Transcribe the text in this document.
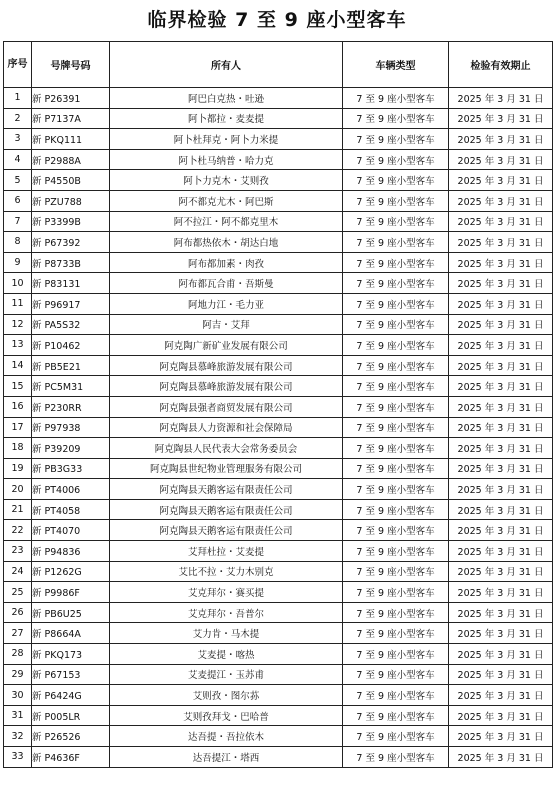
临界检验 7 至 9 座小型客车
序号	号牌号码	所有人	车辆类型	检验有效期止
1	新 P26391	阿巴白克热・吐逊	7 至 9 座小型客车	2025 年 3 月 31 日
2	新 P7137A	阿卜都拉・麦麦提	7 至 9 座小型客车	2025 年 3 月 31 日
3	新 PKQ111	阿卜杜拜克・阿卜力米提	7 至 9 座小型客车	2025 年 3 月 31 日
4	新 P2988A	阿卜杜马纳普・哈力克	7 至 9 座小型客车	2025 年 3 月 31 日
5	新 P4550B	阿卜力克木・艾则孜	7 至 9 座小型客车	2025 年 3 月 31 日
6	新 PZU788	阿不都克尤木・阿巴斯	7 至 9 座小型客车	2025 年 3 月 31 日
7	新 P3399B	阿不拉江・阿不都克里木	7 至 9 座小型客车	2025 年 3 月 31 日
8	新 P67392	阿布都热依木・胡达白地	7 至 9 座小型客车	2025 年 3 月 31 日
9	新 P8733B	阿布都加素・肉孜	7 至 9 座小型客车	2025 年 3 月 31 日
10	新 P83131	阿布都瓦合甫・吾斯曼	7 至 9 座小型客车	2025 年 3 月 31 日
11	新 P96917	阿地力江・毛力亚	7 至 9 座小型客车	2025 年 3 月 31 日
12	新 PA5S32	阿吉・艾拜	7 至 9 座小型客车	2025 年 3 月 31 日
13	新 P10462	阿克陶广新矿业发展有限公司	7 至 9 座小型客车	2025 年 3 月 31 日
14	新 PB5E21	阿克陶县慕峰旅游发展有限公司	7 至 9 座小型客车	2025 年 3 月 31 日
15	新 PC5M31	阿克陶县慕峰旅游发展有限公司	7 至 9 座小型客车	2025 年 3 月 31 日
16	新 P230RR	阿克陶县强者商贸发展有限公司	7 至 9 座小型客车	2025 年 3 月 31 日
17	新 P97938	阿克陶县人力资源和社会保障局	7 至 9 座小型客车	2025 年 3 月 31 日
18	新 P39209	阿克陶县人民代表大会常务委员会	7 至 9 座小型客车	2025 年 3 月 31 日
19	新 PB3G33	阿克陶县世纪物业管理服务有限公司	7 至 9 座小型客车	2025 年 3 月 31 日
20	新 PT4006	阿克陶县天鹅客运有限责任公司	7 至 9 座小型客车	2025 年 3 月 31 日
21	新 PT4058	阿克陶县天鹅客运有限责任公司	7 至 9 座小型客车	2025 年 3 月 31 日
22	新 PT4070	阿克陶县天鹅客运有限责任公司	7 至 9 座小型客车	2025 年 3 月 31 日
23	新 P94836	艾拜杜拉・艾麦提	7 至 9 座小型客车	2025 年 3 月 31 日
24	新 P1262G	艾比不拉・艾力木别克	7 至 9 座小型客车	2025 年 3 月 31 日
25	新 P9986F	艾克拜尔・赛买提	7 至 9 座小型客车	2025 年 3 月 31 日
26	新 PB6U25	艾克拜尔・吾普尔	7 至 9 座小型客车	2025 年 3 月 31 日
27	新 P8664A	艾力肯・马木提	7 至 9 座小型客车	2025 年 3 月 31 日
28	新 PKQ173	艾麦提・喀热	7 至 9 座小型客车	2025 年 3 月 31 日
29	新 P67153	艾麦提江・玉苏甫	7 至 9 座小型客车	2025 年 3 月 31 日
30	新 P6424G	艾则孜・图尔荪	7 至 9 座小型客车	2025 年 3 月 31 日
31	新 P005LR	艾则孜拜戈・巴哈普	7 至 9 座小型客车	2025 年 3 月 31 日
32	新 P26526	达吾提・吾拉依木	7 至 9 座小型客车	2025 年 3 月 31 日
33	新 P4636F	达吾提江・塔西	7 至 9 座小型客车	2025 年 3 月 31 日
